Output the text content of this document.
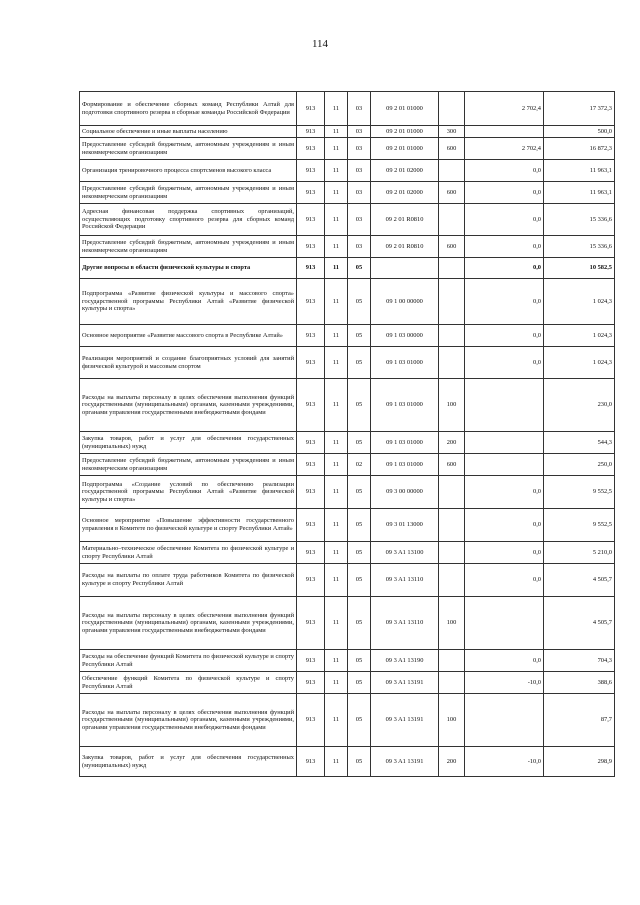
114
Формирование и обеспечение сборных команд Республики Алтай для подготовки спортивного резерва в сборные команды Российской Федерации	913	11	03	09 2 01 01000		2 702,4	17 372,3
Социальное обеспечение и иные выплаты населению	913	11	03	09 2 01 01000	300		500,0
Предоставление субсидий бюджетным, автономным учреждениям и иным некоммерческим организациям	913	11	03	09 2 01 01000	600	2 702,4	16 872,3
Организация тренировочного процесса спортсменов высокого класса	913	11	03	09 2 01 02000		0,0	11 963,1
Предоставление субсидий бюджетным, автономным учреждениям и иным некоммерческим организациям	913	11	03	09 2 01 02000	600	0,0	11 963,1
Адресная финансовая поддержка спортивных организаций, осуществляющих подготовку спортивного резерва для сборных команд Российской Федерации	913	11	03	09 2 01 R0810		0,0	15 336,6
Предоставление субсидий бюджетным, автономным учреждениям и иным некоммерческим организациям	913	11	03	09 2 01 R0810	600	0,0	15 336,6
Другие вопросы в области физической культуры и спорта	913	11	05			0,0	10 582,5
Подпрограмма «Развитие физической культуры и массового спорта» государственной программы Республики Алтай «Развитие физической культуры и спорта»	913	11	05	09 1 00 00000		0,0	1 024,3
Основное мероприятие «Развитие массового спорта в Республике Алтай»	913	11	05	09 1 03 00000		0,0	1 024,3
Реализация мероприятий и создание благоприятных условий для занятий физической культурой и массовым спортом	913	11	05	09 1 03 01000		0,0	1 024,3
Расходы на выплаты персоналу в целях обеспечения выполнения функций государственными (муниципальными) органами, казенными учреждениями, органами управления государственными внебюджетными фондами	913	11	05	09 1 03 01000	100		230,0
Закупка товаров, работ и услуг для обеспечения государственных (муниципальных) нужд	913	11	05	09 1 03 01000	200		544,3
Предоставление субсидий бюджетным, автономным учреждениям и иным некоммерческим организациям	913	11	02	09 1 03 01000	600		250,0
Подпрограмма «Создание условий по обеспечению реализации государственной программы Республики Алтай «Развитие физической культуры и спорта»	913	11	05	09 3 00 00000		0,0	9 552,5
Основное мероприятие «Повышение эффективности государственного управления в Комитете по физической культуре и спорту Республики Алтай»	913	11	05	09 3 01 13000		0,0	9 552,5
Материально–техническое обеспечение Комитета по физической культуре и спорту Республики Алтай	913	11	05	09 3 A1 13100		0,0	5 210,0
Расходы на выплаты по оплате труда работников Комитета по физической культуре и спорту Республики Алтай	913	11	05	09 3 A1 13110		0,0	4 505,7
Расходы на выплаты персоналу в целях обеспечения выполнения функций государственными (муниципальными) органами, казенными учреждениями, органами управления государственными внебюджетными фондами	913	11	05	09 3 A1 13110	100		4 505,7
Расходы на обеспечение функций Комитета по физической культуре и спорту Республики Алтай	913	11	05	09 3 A1 13190		0,0	704,3
Обеспечение функций Комитета по физической культуре и спорту Республики Алтай	913	11	05	09 3 A1 13191		-10,0	388,6
Расходы на выплаты персоналу в целях обеспечения выполнения функций государственными (муниципальными) органами, казенными учреждениями, органами управления государственными внебюджетными фондами	913	11	05	09 3 A1 13191	100		87,7
Закупка товаров, работ и услуг для обеспечения государственных (муниципальных) нужд	913	11	05	09 3 A1 13191	200	-10,0	298,9
